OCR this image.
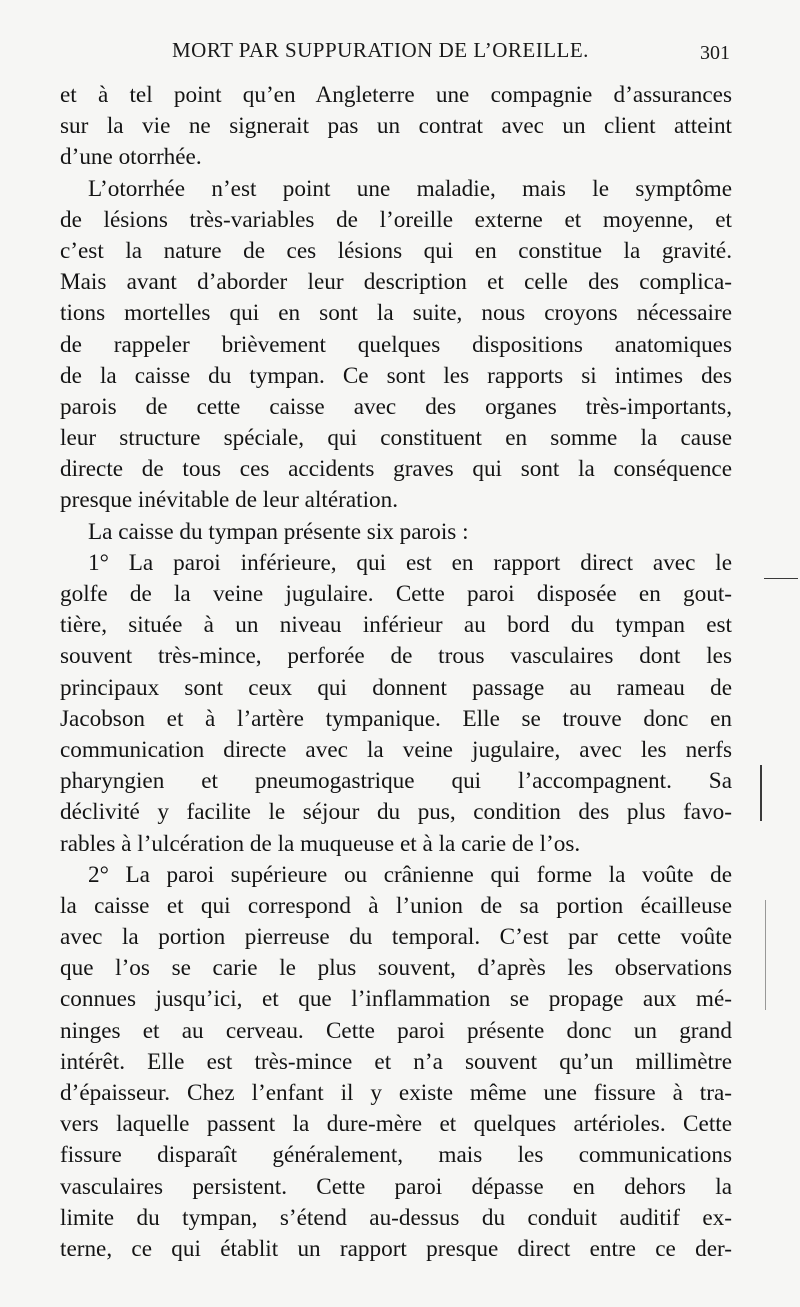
MORT PAR SUPPURATION DE L’OREILLE.	301
et à tel point qu’en Angleterre une compagnie d’assurances
sur la vie ne signerait pas un contrat avec un client atteint
d’une otorrhée.
L’otorrhée n’est point une maladie, mais le symptôme
de lésions très-variables de l’oreille externe et moyenne, et
c’est la nature de ces lésions qui en constitue la gravité.
Mais avant d’aborder leur description et celle des complica-
tions mortelles qui en sont la suite, nous croyons nécessaire
de rappeler brièvement quelques dispositions anatomiques
de la caisse du tympan. Ce sont les rapports si intimes des
parois de cette caisse avec des organes très-importants,
leur structure spéciale, qui constituent en somme la cause
directe de tous ces accidents graves qui sont la conséquence
presque inévitable de leur altération.
La caisse du tympan présente six parois :
1° La paroi inférieure, qui est en rapport direct avec le
golfe de la veine jugulaire. Cette paroi disposée en gout-
tière, située à un niveau inférieur au bord du tympan est
souvent très-mince, perforée de trous vasculaires dont les
principaux sont ceux qui donnent passage au rameau de
Jacobson et à l’artère tympanique. Elle se trouve donc en
communication directe avec la veine jugulaire, avec les nerfs
pharyngien et pneumogastrique qui l’accompagnent. Sa
déclivité y facilite le séjour du pus, condition des plus favo-
rables à l’ulcération de la muqueuse et à la carie de l’os.
2° La paroi supérieure ou crânienne qui forme la voûte de
la caisse et qui correspond à l’union de sa portion écailleuse
avec la portion pierreuse du temporal. C’est par cette voûte
que l’os se carie le plus souvent, d’après les observations
connues jusqu’ici, et que l’inflammation se propage aux mé-
ninges et au cerveau. Cette paroi présente donc un grand
intérêt. Elle est très-mince et n’a souvent qu’un millimètre
d’épaisseur. Chez l’enfant il y existe même une fissure à tra-
vers laquelle passent la dure-mère et quelques artérioles. Cette
fissure disparaît généralement, mais les communications
vasculaires persistent. Cette paroi dépasse en dehors la
limite du tympan, s’étend au-dessus du conduit auditif ex-
terne, ce qui établit un rapport presque direct entre ce der-
